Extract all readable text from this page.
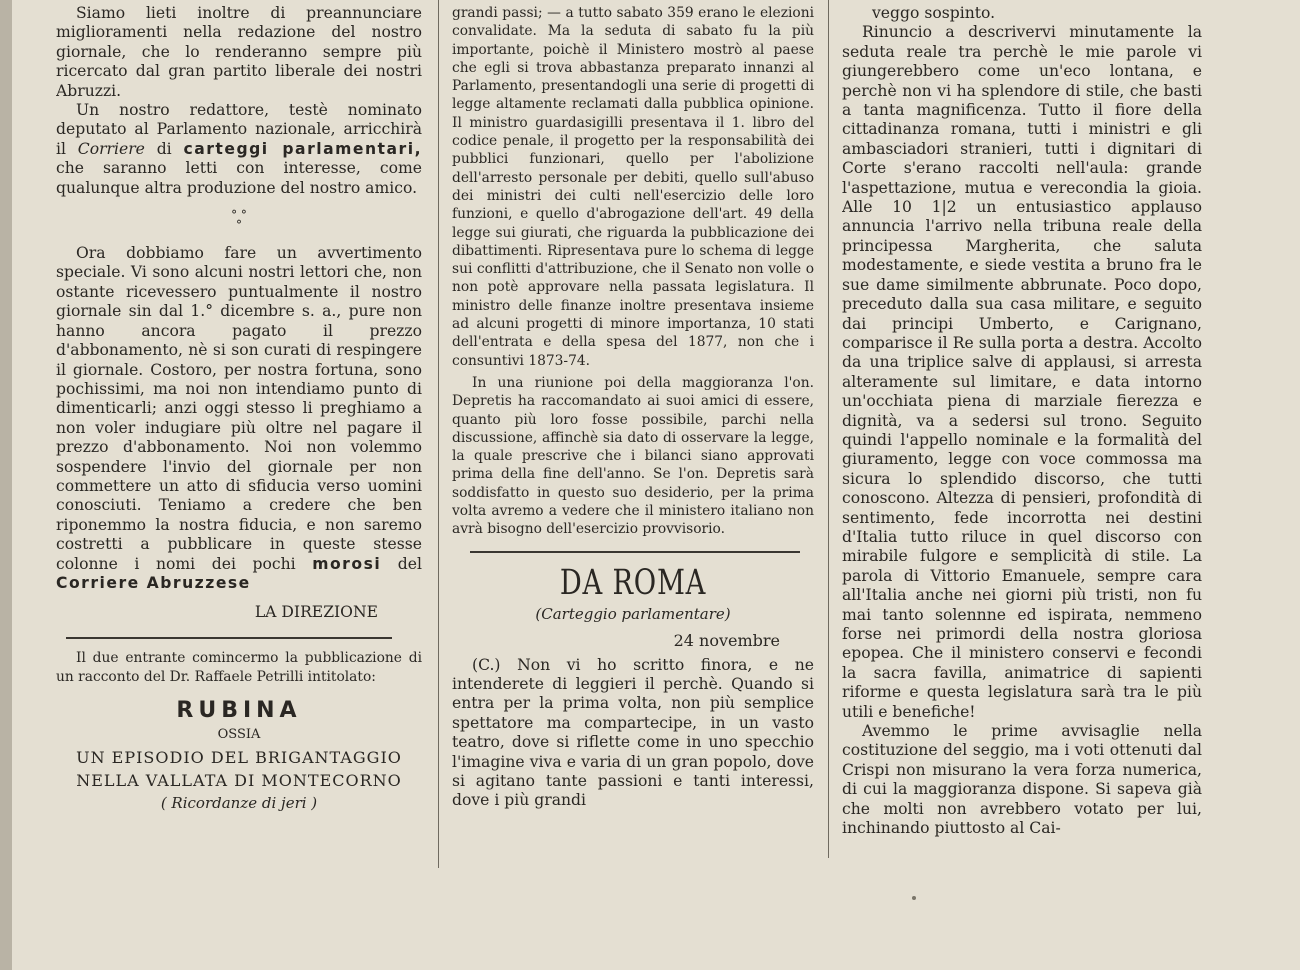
Siamo lieti inoltre di preannunciare miglioramenti nella redazione del nostro giornale, che lo renderanno sempre più ricercato dal gran partito liberale dei nostri Abruzzi.

Un nostro redattore, testè nominato deputato al Parlamento nazionale, arricchirà il Corriere di carteggi parlamentari, che saranno letti con interesse, come qualunque altra produzione del nostro amico.

° °
°

Ora dobbiamo fare un avvertimento speciale. Vi sono alcuni nostri lettori che, non ostante ricevessero puntualmente il nostro giornale sin dal 1.° dicembre s. a., pure non hanno ancora pagato il prezzo d'abbonamento, nè si son curati di respingere il giornale. Costoro, per nostra fortuna, sono pochissimi, ma noi non intendiamo punto di dimenticarli; anzi oggi stesso li preghiamo a non voler indugiare più oltre nel pagare il prezzo d'abbonamento. Noi non volemmo sospendere l'invio del giornale per non commettere un atto di sfiducia verso uomini conosciuti. Teniamo a credere che ben riponemmo la nostra fiducia, e non saremo costretti a pubblicare in queste stesse colonne i nomi dei pochi morosi del Corriere Abruzzese

LA DIREZIONE

Il due entrante comincermo la pubblicazione di un racconto del Dr. Raffaele Petrilli intitolato:

RUBINA
OSSIA
UN EPISODIO DEL BRIGANTAGGIO
NELLA VALLATA DI MONTECORNO
( Ricordanze di jeri )

grandi passi; — a tutto sabato 359 erano le elezioni convalidate. Ma la seduta di sabato fu la più importante, poichè il Ministero mostrò al paese che egli si trova abbastanza preparato innanzi al Parlamento, presentandogli una serie di progetti di legge altamente reclamati dalla pubblica opinione. Il ministro guardasigilli presentava il 1. libro del codice penale, il progetto per la responsabilità dei pubblici funzionari, quello per l'abolizione dell'arresto personale per debiti, quello sull'abuso dei ministri dei culti nell'esercizio delle loro funzioni, e quello d'abrogazione dell'art. 49 della legge sui giurati, che riguarda la pubblicazione dei dibattimenti. Ripresentava pure lo schema di legge sui conflitti d'attribuzione, che il Senato non volle o non potè approvare nella passata legislatura. Il ministro delle finanze inoltre presentava insieme ad alcuni progetti di minore importanza, 10 stati dell'entrata e della spesa del 1877, non che i consuntivi 1873-74.

In una riunione poi della maggioranza l'on. Depretis ha raccomandato ai suoi amici di essere, quanto più loro fosse possibile, parchi nella discussione, affinchè sia dato di osservare la legge, la quale prescrive che i bilanci siano approvati prima della fine dell'anno. Se l'on. Depretis sarà soddisfatto in questo suo desiderio, per la prima volta avremo a vedere che il ministero italiano non avrà bisogno dell'esercizio provvisorio.

DA ROMA
(Carteggio parlamentare)
24 novembre

(C.) Non vi ho scritto finora, e ne intenderete di leggieri il perchè. Quando si entra per la prima volta, non più semplice spettatore ma compartecipe, in un vasto teatro, dove si riflette come in uno specchio l'imagine viva e varia di un gran popolo, dove si agitano tante passioni e tanti interessi, dove i più grandi

veggo sospinto.

Rinuncio a descrivervi minutamente la seduta reale tra perchè le mie parole vi giungerebbero come un'eco lontana, e perchè non vi ha splendore di stile, che basti a tanta magnificenza. Tutto il fiore della cittadinanza romana, tutti i ministri e gli ambasciadori stranieri, tutti i dignitari di Corte s'erano raccolti nell'aula: grande l'aspettazione, mutua e verecondia la gioia. Alle 10 1|2 un entusiastico applauso annuncia l'arrivo nella tribuna reale della principessa Margherita, che saluta modestamente, e siede vestita a bruno fra le sue dame similmente abbrunate. Poco dopo, preceduto dalla sua casa militare, e seguito dai principi Umberto, e Carignano, comparisce il Re sulla porta a destra. Accolto da una triplice salve di applausi, si arresta alteramente sul limitare, e data intorno un'occhiata piena di marziale fierezza e dignità, va a sedersi sul trono. Seguito quindi l'appello nominale e la formalità del giuramento, legge con voce commossa ma sicura lo splendido discorso, che tutti conoscono. Altezza di pensieri, profondità di sentimento, fede incorrotta nei destini d'Italia tutto riluce in quel discorso con mirabile fulgore e semplicità di stile. La parola di Vittorio Emanuele, sempre cara all'Italia anche nei giorni più tristi, non fu mai tanto solennne ed ispirata, nemmeno forse nei primordi della nostra gloriosa epopea. Che il ministero conservi e fecondi la sacra favilla, animatrice di sapienti riforme e questa legislatura sarà tra le più utili e benefiche!

Avemmo le prime avvisaglie nella costituzione del seggio, ma i voti ottenuti dal Crispi non misurano la vera forza numerica, di cui la maggioranza dispone. Si sapeva già che molti non avrebbero votato per lui, inchinando piuttosto al Cai-
